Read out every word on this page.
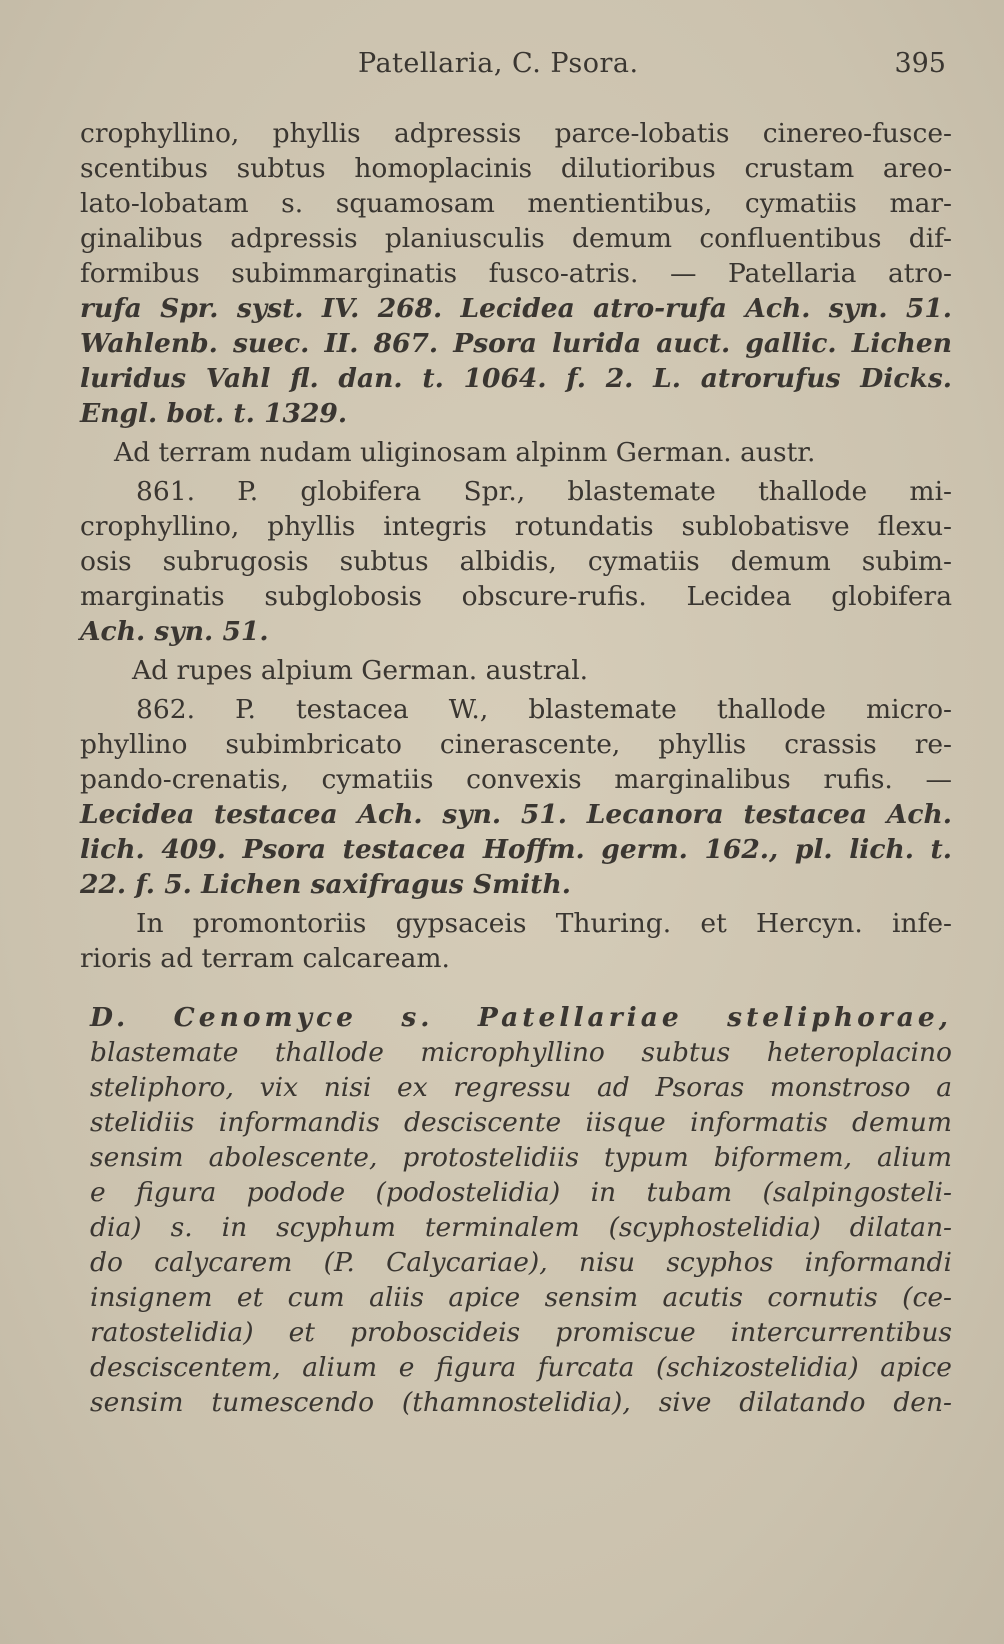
Patellaria, C. Psora.	395
crophyllino, phyllis adpressis parce-lobatis cinereo-fusce-
scentibus subtus homoplacinis dilutioribus crustam areo-
lato-lobatam s. squamosam mentientibus, cymatiis mar-
ginalibus adpressis planiusculis demum confluentibus dif-
formibus subimmarginatis fusco-atris. — Patellaria atro-
rufa Spr. syst. IV. 268. Lecidea atro-rufa Ach. syn. 51.
Wahlenb. suec. II. 867. Psora lurida auct. gallic. Lichen
luridus Vahl fl. dan. t. 1064. f. 2. L. atrorufus Dicks.
Engl. bot. t. 1329.
Ad terram nudam uliginosam alpinm German. austr.
861. P. globifera Spr., blastemate thallode mi-
crophyllino, phyllis integris rotundatis sublobatisve flexu-
osis subrugosis subtus albidis, cymatiis demum subim-
marginatis subglobosis obscure-rufis. Lecidea globifera
Ach. syn. 51.
Ad rupes alpium German. austral.
862. P. testacea W., blastemate thallode micro-
phyllino subimbricato cinerascente, phyllis crassis re-
pando-crenatis, cymatiis convexis marginalibus rufis. —
Lecidea testacea Ach. syn. 51. Lecanora testacea Ach.
lich. 409. Psora testacea Hoffm. germ. 162., pl. lich. t.
22. f. 5. Lichen saxifragus Smith.
In promontoriis gypsaceis Thuring. et Hercyn. infe-
rioris ad terram calcaream.
D. Cenomyce s. Patellariae steliphorae,
blastemate thallode microphyllino subtus heteroplacino
steliphoro, vix nisi ex regressu ad Psoras monstroso a
stelidiis informandis desciscente iisque informatis demum
sensim abolescente, protostelidiis typum biformem, alium
e figura podode (podostelidia) in tubam (salpingosteli-
dia) s. in scyphum terminalem (scyphostelidia) dilatan-
do calycarem (P. Calycariae), nisu scyphos informandi
insignem et cum aliis apice sensim acutis cornutis (ce-
ratostelidia) et proboscideis promiscue intercurrentibus
desciscentem, alium e figura furcata (schizostelidia) apice
sensim tumescendo (thamnostelidia), sive dilatando den-
